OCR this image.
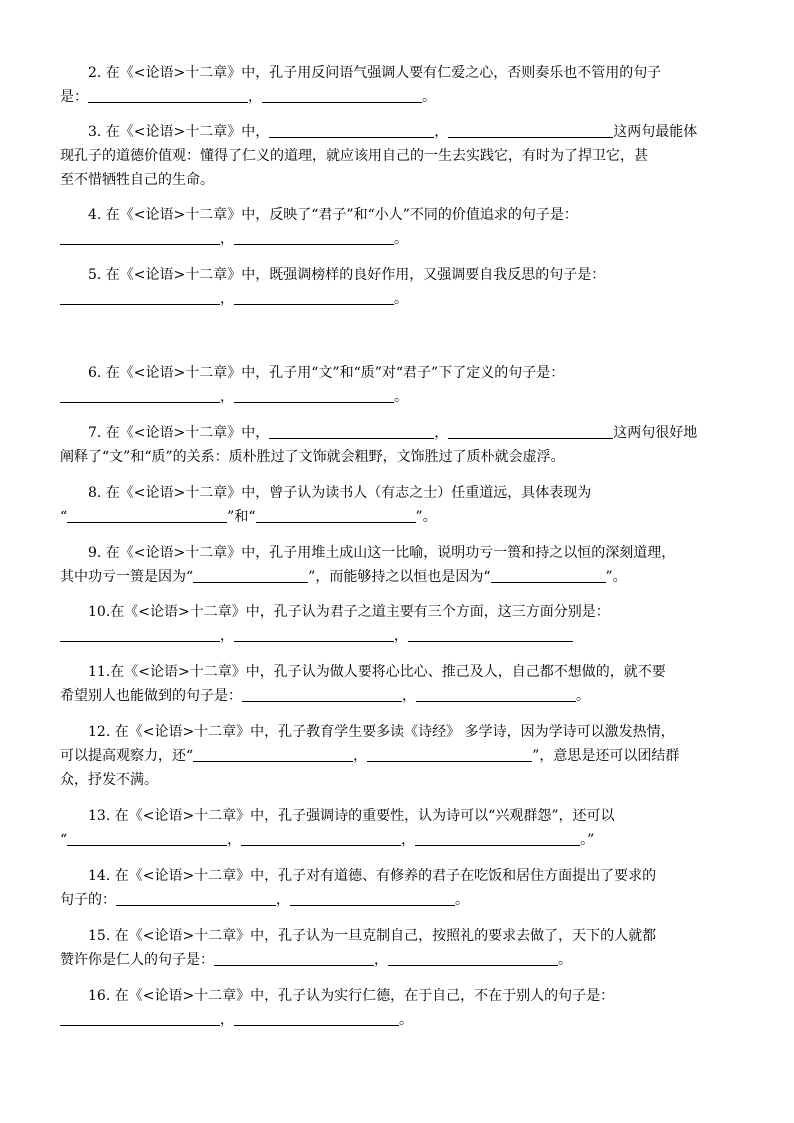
　　2. 在《<论语>十二章》中，孔子用反问语气强调人要有仁爱之心，否则奏乐也不管用的句子

是：	，	。

　　3. 在《<论语>十二章》中，	，	这两句最能体

现孔子的道德价值观：懂得了仁义的道理，就应该用自己的一生去实践它，有时为了捍卫它，甚

至不惜牺牲自己的生命。

　　4. 在《<论语>十二章》中，反映了“君子”和“小人”不同的价值追求的句子是：

，	。

　　5. 在《<论语>十二章》中，既强调榜样的良好作用，又强调要自我反思的句子是：

，	。

　　6. 在《<论语>十二章》中，孔子用“文”和“质”对“君子”下了定义的句子是：

，	。

　　7. 在《<论语>十二章》中，	，	这两句很好地

阐释了“文”和“质”的关系：质朴胜过了文饰就会粗野，文饰胜过了质朴就会虚浮。

　　8. 在《<论语>十二章》中，曾子认为读书人（有志之士）任重道远，具体表现为

“	”和“	”。

　　9. 在《<论语>十二章》中，孔子用堆土成山这一比喻，说明功亏一篑和持之以恒的深刻道理，

其中功亏一篑是因为“	”，而能够持之以恒也是因为“	”。

　　10.在《<论语>十二章》中，孔子认为君子之道主要有三个方面，这三方面分别是：

，	，

　　11.在《<论语>十二章》中，孔子认为做人要将心比心、推己及人，自己都不想做的，就不要

希望别人也能做到的句子是：	，	。

　　12. 在《<论语>十二章》中，孔子教育学生要多读《诗经》 多学诗，因为学诗可以激发热情，

可以提高观察力，还“	，	”，意思是还可以团结群

众，抒发不满。

　　13. 在《<论语>十二章》中，孔子强调诗的重要性，认为诗可以“兴观群怨”，还可以

“	，	，	。”

　　14. 在《<论语>十二章》中，孔子对有道德、有修养的君子在吃饭和居住方面提出了要求的

句子的：	，	。

　　15. 在《<论语>十二章》中，孔子认为一旦克制自己，按照礼的要求去做了，天下的人就都

赞许你是仁人的句子是：	，	。

　　16. 在《<论语>十二章》中，孔子认为实行仁德，在于自己，不在于别人的句子是：

，	。
